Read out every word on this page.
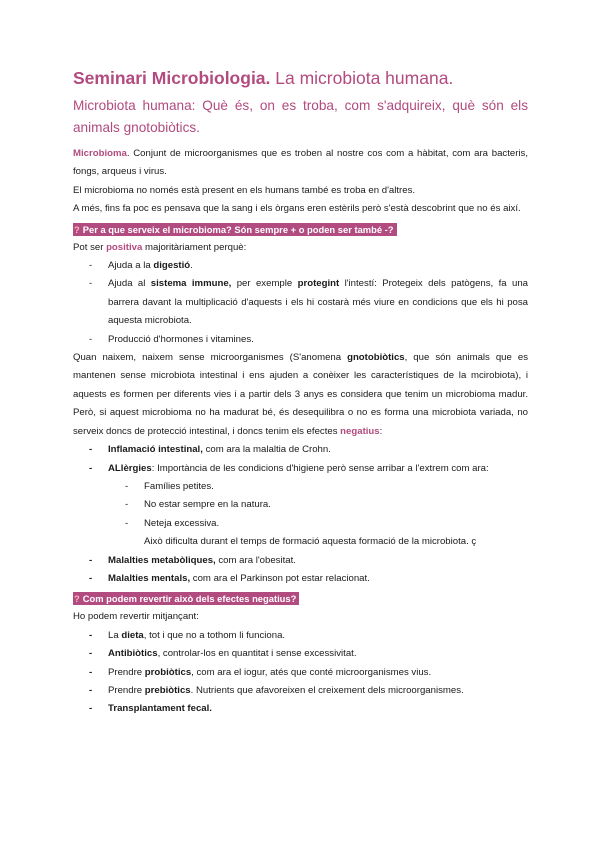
Seminari Microbiologia. La microbiota humana.
Microbiota humana: Què és, on es troba, com s'adquireix, què són els animals gnotobiòtics.

Microbioma. Conjunt de microorganismes que es troben al nostre cos com a hàbitat, com ara bacteris, fongs, arqueus i virus.

El microbioma no només està present en els humans també es troba en d'altres.

A més, fins fa poc es pensava que la sang i els òrgans eren estèrils però s'està descobrint que no és així.

? Per a que serveix el microbioma? Són sempre + o poden ser també -?

Pot ser positiva majoritàriament perquè:

- Ajuda a la digestió.
- Ajuda al sistema immune, per exemple protegint l'intestí: Protegeix dels patògens, fa una barrera davant la multiplicació d'aquests i els hi costarà més viure en condicions que els hi posa aquesta microbiota.
- Producció d'hormones i vitamines.

Quan naixem, naixem sense microorganismes (S'anomena gnotobiòtics, que són animals que es mantenen sense microbiota intestinal i ens ajuden a conèixer les característiques de la mcirobiota), i aquests es formen per diferents vies i a partir dels 3 anys es considera que tenim un microbioma madur. Però, si aquest microbioma no ha madurat bé, és desequilibra o no es forma una microbiota variada, no serveix doncs de protecció intestinal, i doncs tenim els efectes negatius:

- Inflamació intestinal, com ara la malaltia de Crohn.
- ALlèrgies: Importància de les condicions d'higiene però sense arribar a l'extrem com ara:
- Famílies petites.
- No estar sempre en la natura.
- Neteja excessiva.
Això dificulta durant el temps de formació aquesta formació de la microbiota. ç
- Malalties metabòliques, com ara l'obesitat.
- Malalties mentals, com ara el Parkinson pot estar relacionat.
? Com podem revertir això dels efectes negatius?

Ho podem revertir mitjançant:

- La dieta, tot i que no a tothom li funciona.
- Antibiòtics, controlar-los en quantitat i sense excessivitat.
- Prendre probiòtics, com ara el iogur, atés que conté microorganismes vius.
- Prendre prebiòtics. Nutrients que afavoreixen el creixement dels microorganismes.
- Transplantament fecal.
